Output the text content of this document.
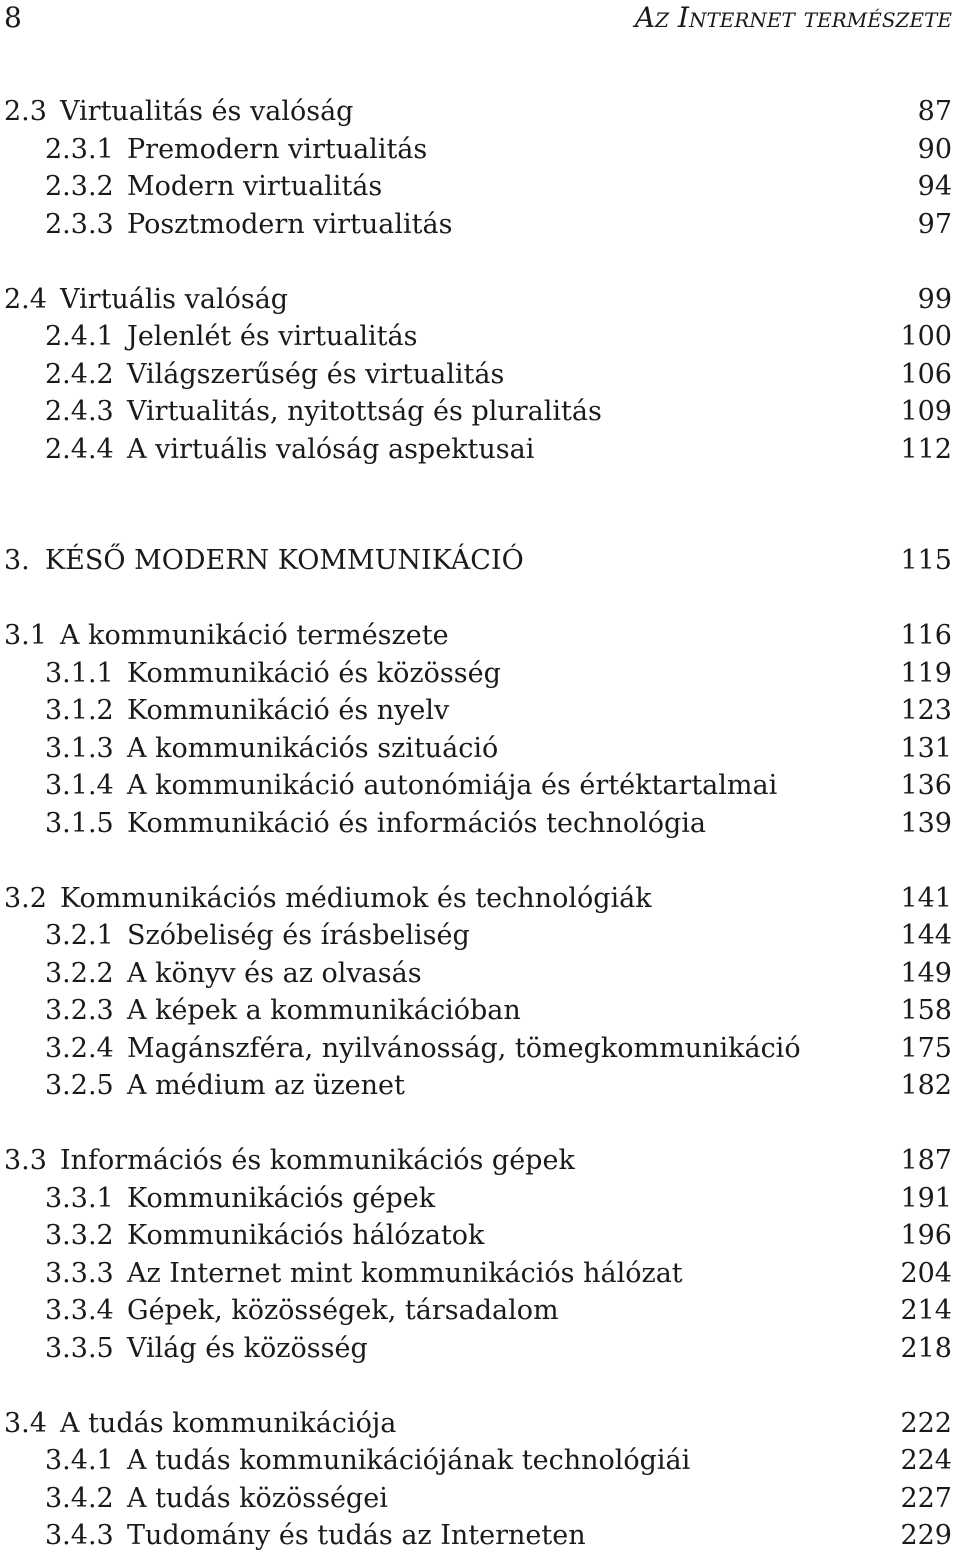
8	Az Internet természete
2.3 Virtualitás és valóság	87
2.3.1 Premodern virtualitás	90
2.3.2 Modern virtualitás	94
2.3.3 Posztmodern virtualitás	97
2.4 Virtuális valóság	99
2.4.1 Jelenlét és virtualitás	100
2.4.2 Világszerűség és virtualitás	106
2.4.3 Virtualitás, nyitottság és pluralitás	109
2.4.4 A virtuális valóság aspektusai	112
3. KÉSŐ MODERN KOMMUNIKÁCIÓ	115
3.1 A kommunikáció természete	116
3.1.1 Kommunikáció és közösség	119
3.1.2 Kommunikáció és nyelv	123
3.1.3 A kommunikációs szituáció	131
3.1.4 A kommunikáció autonómiája és értéktartalmai	136
3.1.5 Kommunikáció és információs technológia	139
3.2 Kommunikációs médiumok és technológiák	141
3.2.1 Szóbeliség és írásbeliség	144
3.2.2 A könyv és az olvasás	149
3.2.3 A képek a kommunikációban	158
3.2.4 Magánszféra, nyilvánosság, tömegkommunikáció	175
3.2.5 A médium az üzenet	182
3.3 Információs és kommunikációs gépek	187
3.3.1 Kommunikációs gépek	191
3.3.2 Kommunikációs hálózatok	196
3.3.3 Az Internet mint kommunikációs hálózat	204
3.3.4 Gépek, közösségek, társadalom	214
3.3.5 Világ és közösség	218
3.4 A tudás kommunikációja	222
3.4.1 A tudás kommunikációjának technológiái	224
3.4.2 A tudás közösségei	227
3.4.3 Tudomány és tudás az Interneten	229
